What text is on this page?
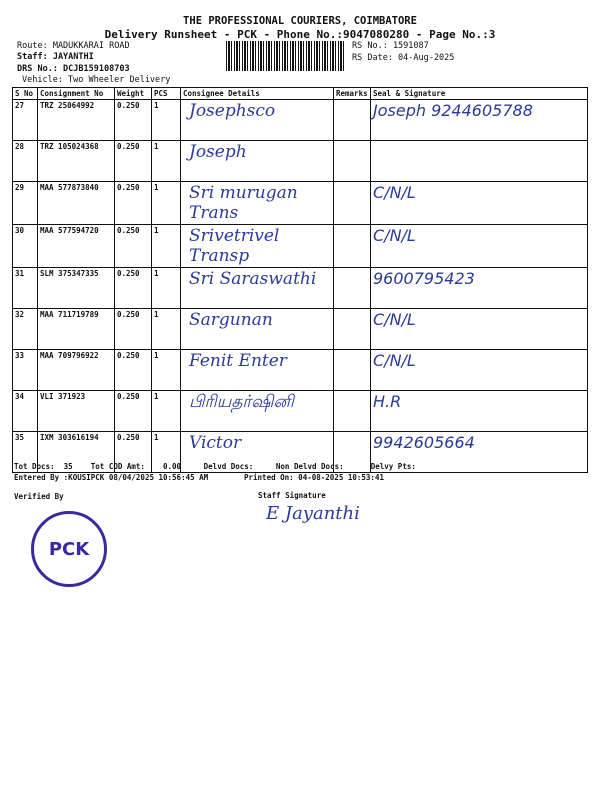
THE PROFESSIONAL COURIERS, COIMBATORE
Delivery Runsheet - PCK - Phone No.:9047080280 - Page No.:3
Route: MADUKKARAI ROAD
Staff: JAYANTHI
DRS No.: DCJB159108703
Vehicle: Two Wheeler Delivery
RS No.: 1591087
RS Date: 04-Aug-2025
S No	Consignment No	Weight	PCS	Consignee Details	Remarks	Seal & Signature
27	TRZ 25064992	0.250	1	Josephsco		Joseph 9244605788
28	TRZ 105024368	0.250	1	Joseph		
29	MAA 577873840	0.250	1	Sri murugan Trans		C/N/L
30	MAA 577594720	0.250	1	Srivetrivel Transp		C/N/L
31	SLM 375347335	0.250	1	Sri Saraswathi		9600795423
32	MAA 711719789	0.250	1	Sargunan		C/N/L
33	MAA 709796922	0.250	1	Fenit Enter		C/N/L
34	VLI 371923	0.250	1	பிரியதர்ஷினி		H.R
35	IXM 303616194	0.250	1	Victor		9942605664
Tot Docs:  35    Tot COD Amt:    0.00     Delvd Docs:     Non Delvd Docs:      Delvy Pts:
Entered By :KOUSIPCK 08/04/2025 10:56:45 AM	Printed On: 04-08-2025 10:53:41
Verified By	Staff Signature
E Jayanthi
PCK
